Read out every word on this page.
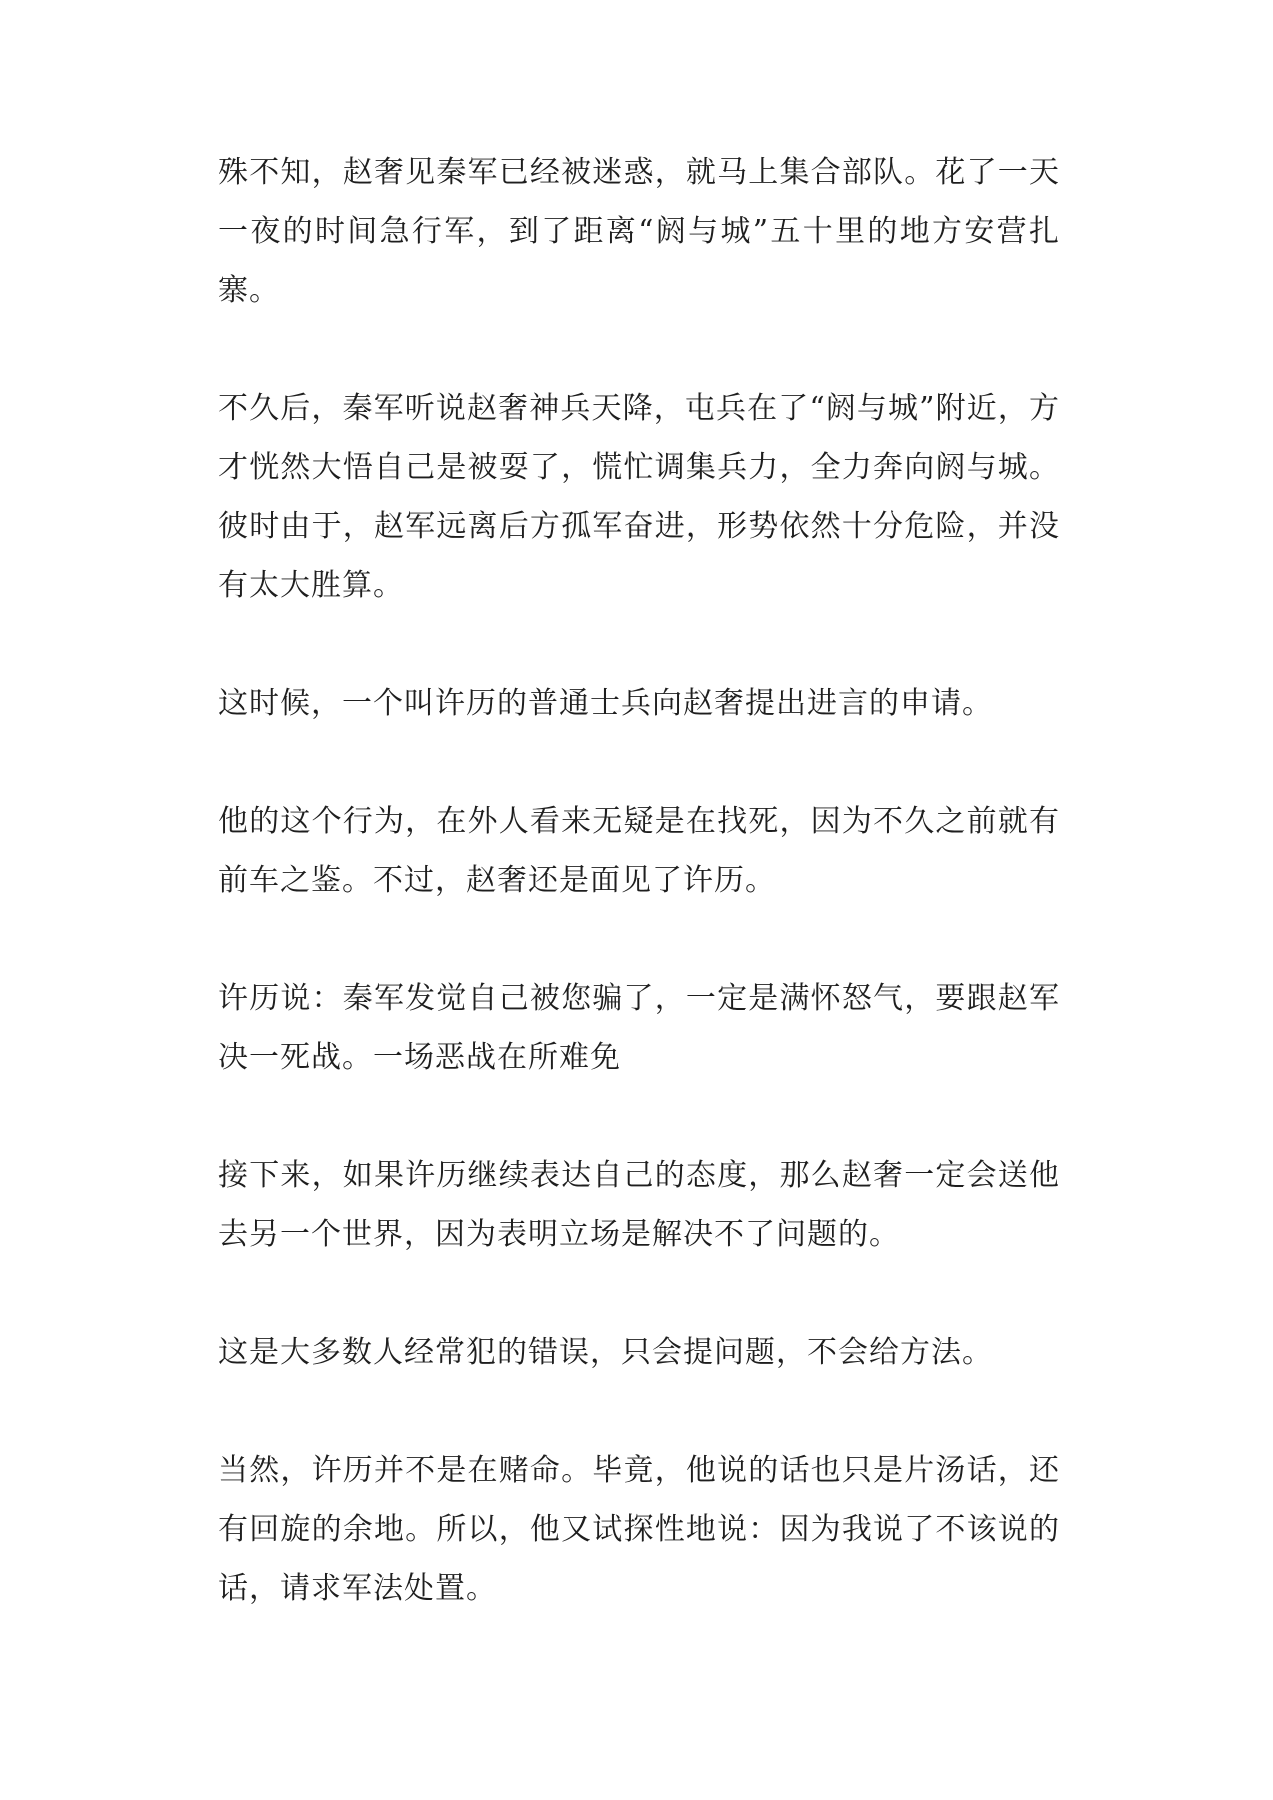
殊不知，赵奢见秦军已经被迷惑，就马上集合部队。花了一天一夜的时间急行军，到了距离“阏与城”五十里的地方安营扎寨。

不久后，秦军听说赵奢神兵天降，屯兵在了“阏与城”附近，方才恍然大悟自己是被耍了，慌忙调集兵力，全力奔向阏与城。彼时由于，赵军远离后方孤军奋进，形势依然十分危险，并没有太大胜算。

这时候，一个叫许历的普通士兵向赵奢提出进言的申请。

他的这个行为，在外人看来无疑是在找死，因为不久之前就有前车之鉴。不过，赵奢还是面见了许历。

许历说：秦军发觉自己被您骗了，一定是满怀怒气，要跟赵军决一死战。一场恶战在所难免

接下来，如果许历继续表达自己的态度，那么赵奢一定会送他去另一个世界，因为表明立场是解决不了问题的。

这是大多数人经常犯的错误，只会提问题，不会给方法。

当然，许历并不是在赌命。毕竟，他说的话也只是片汤话，还有回旋的余地。所以，他又试探性地说：因为我说了不该说的话，请求军法处置。
